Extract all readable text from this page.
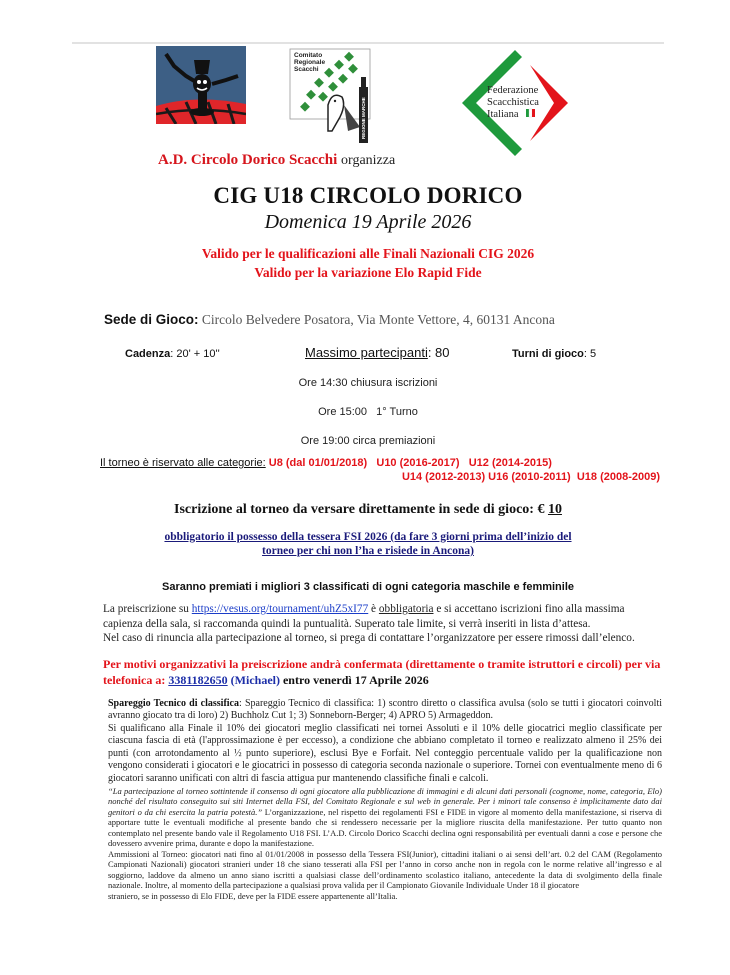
Comitato
Regionale
Scacchi
REGIONE MARCHE
Federazione
Scacchistica
Italiana
A.D. Circolo Dorico Scacchi organizza
CIG U18 CIRCOLO DORICO
Domenica 19 Aprile 2026
Valido per le qualificazioni alle Finali Nazionali CIG 2026
Valido per la variazione Elo Rapid Fide
Sede di Gioco: Circolo Belvedere Posatora, Via Monte Vettore, 4, 60131 Ancona
Cadenza: 20' + 10''	Massimo partecipanti: 80	Turni di gioco: 5
Ore 14:30 chiusura iscrizioni
Ore 15:00   1° Turno
Ore 19:00 circa premiazioni
Il torneo è riservato alle categorie: U8 (dal 01/01/2018)   U10 (2016-2017)   U12 (2014-2015)
U14 (2012-2013) U16 (2010-2011)  U18 (2008-2009)
Iscrizione al torneo da versare direttamente in sede di gioco: € 10
obbligatorio il possesso della tessera FSI 2026 (da fare 3 giorni prima dell’inizio del
torneo per chi non l’ha e risiede in Ancona)
Saranno premiati i migliori 3 classificati di ogni categoria maschile e femminile
La preiscrizione su https://vesus.org/tournament/uhZ5xI77 è obbligatoria e si accettano iscrizioni fino alla massima capienza della sala, si raccomanda quindi la puntualità. Superato tale limite, si verrà inseriti in lista d’attesa.
Nel caso di rinuncia alla partecipazione al torneo, si prega di contattare l’organizzatore per essere rimossi dall’elenco.
Per motivi organizzativi la preiscrizione andrà confermata (direttamente o tramite istruttori e circoli) per via telefonica a: 3381182650 (Michael) entro venerdì 17 Aprile 2026

Spareggio Tecnico di classifica: Spareggio Tecnico di classifica: 1) scontro diretto o classifica avulsa (solo se tutti i giocatori coinvolti avranno giocato tra di loro) 2) Buchholz Cut 1; 3) Sonneborn-Berger; 4) APRO 5) Armageddon.

Si qualificano alla Finale il 10% dei giocatori meglio classificati nei tornei Assoluti e il 10% delle giocatrici meglio classificate per ciascuna fascia di età (l'approssimazione è per eccesso), a condizione che abbiano completato il torneo e realizzato almeno il 25% dei punti (con arrotondamento al ½ punto superiore), esclusi Bye e Forfait. Nel conteggio percentuale valido per la qualificazione non vengono considerati i giocatori e le giocatrici in possesso di categoria seconda nazionale o superiore. Tornei con eventualmente meno di 6 giocatori saranno unificati con altri di fascia attigua pur mantenendo classifiche finali e calcoli.

“La partecipazione al torneo sottintende il consenso di ogni giocatore alla pubblicazione di immagini e di alcuni dati personali (cognome, nome, categoria, Elo) nonché del risultato conseguito sui siti Internet della FSI, del Comitato Regionale e sul web in generale. Per i minori tale consenso è implicitamente dato dai genitori o da chi esercita la patria potestà.” L’organizzazione, nel rispetto dei regolamenti FSI e FIDE in vigore al momento della manifestazione, si riserva di apportare tutte le eventuali modifiche al presente bando che si rendessero necessarie per la migliore riuscita della manifestazione. Per tutto quanto non contemplato nel presente bando vale il Regolamento U18 FSI. L’A.D. Circolo Dorico Scacchi declina ogni responsabilità per eventuali danni a cose e persone che dovessero avvenire prima, durante e dopo la manifestazione.

Ammissioni al Torneo: giocatori nati fino al 01/01/2008 in possesso della Tessera FSI(Junior), cittadini italiani o ai sensi dell’art. 0.2 del CAM (Regolamento Campionati Nazionali) giocatori stranieri under 18 che siano tesserati alla FSI per l’anno in corso anche non in regola con le norme relative all’ingresso e al soggiorno, laddove da almeno un anno siano iscritti a qualsiasi classe dell’ordinamento scolastico italiano, antecedente la data di svolgimento della finale nazionale. Inoltre, al momento della partecipazione a qualsiasi prova valida per il Campionato Giovanile Individuale Under 18 il giocatore

straniero, se in possesso di Elo FIDE, deve per la FIDE essere appartenente all’Italia.
